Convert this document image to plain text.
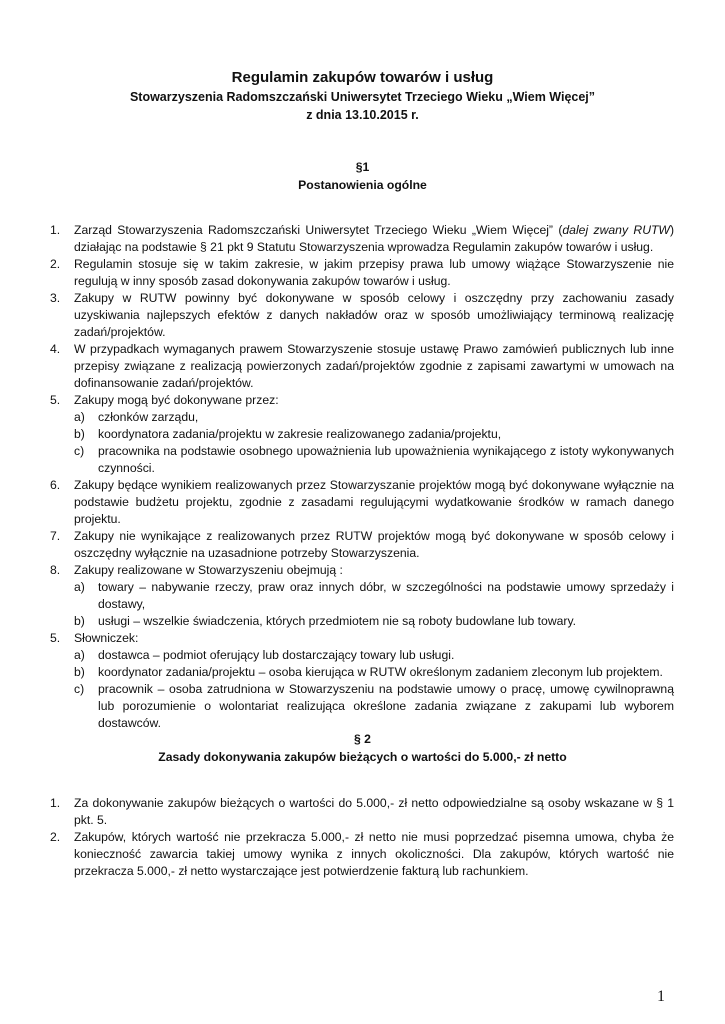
Regulamin zakupów towarów i usług
Stowarzyszenia Radomszczański Uniwersytet Trzeciego Wieku „Wiem Więcej”
z dnia 13.10.2015 r.
§1
Postanowienia ogólne
1. Zarząd Stowarzyszenia Radomszczański Uniwersytet Trzeciego Wieku „Wiem Więcej” (dalej zwany RUTW) działając na podstawie § 21 pkt 9 Statutu Stowarzyszenia wprowadza Regulamin zakupów towarów i usług.
2. Regulamin stosuje się w takim zakresie, w jakim przepisy prawa lub umowy wiążące Stowarzyszenie nie regulują w inny sposób zasad dokonywania zakupów towarów i usług.
3. Zakupy w RUTW powinny być dokonywane w sposób celowy i oszczędny przy zachowaniu zasady uzyskiwania najlepszych efektów z danych nakładów oraz w sposób umożliwiający terminową realizację zadań/projektów.
4. W przypadkach wymaganych prawem Stowarzyszenie stosuje ustawę Prawo zamówień publicznych lub inne przepisy związane z realizacją powierzonych zadań/projektów zgodnie z zapisami zawartymi w umowach na dofinansowanie zadań/projektów.
5. Zakupy mogą być dokonywane przez:
a) członków zarządu,
b) koordynatora zadania/projektu w zakresie realizowanego zadania/projektu,
c) pracownika na podstawie osobnego upoważnienia lub upoważnienia wynikającego z istoty wykonywanych czynności.
6. Zakupy będące wynikiem realizowanych przez Stowarzyszanie projektów mogą być dokonywane wyłącznie na podstawie budżetu projektu, zgodnie z zasadami regulującymi wydatkowanie środków w ramach danego projektu.
7. Zakupy nie wynikające z realizowanych przez RUTW projektów mogą być dokonywane w sposób celowy i oszczędny wyłącznie na uzasadnione potrzeby Stowarzyszenia.
8. Zakupy realizowane w Stowarzyszeniu obejmują :
a) towary – nabywanie rzeczy, praw oraz innych dóbr, w szczególności na podstawie umowy sprzedaży i dostawy,
b) usługi – wszelkie świadczenia, których przedmiotem nie są roboty budowlane lub towary.
5. Słowniczek:
a) dostawca – podmiot oferujący lub dostarczający towary lub usługi.
b) koordynator zadania/projektu – osoba kierująca w RUTW określonym zadaniem zleconym lub projektem.
c) pracownik – osoba zatrudniona w Stowarzyszeniu na podstawie umowy o pracę, umowę cywilnoprawną lub porozumienie o wolontariat realizująca określone zadania związane z zakupami lub wyborem dostawców.
§ 2
Zasady dokonywania zakupów bieżących o wartości do 5.000,- zł netto
1. Za dokonywanie zakupów bieżących o wartości do 5.000,- zł netto odpowiedzialne są osoby wskazane w § 1 pkt. 5.
2. Zakupów, których wartość nie przekracza 5.000,- zł netto nie musi poprzedzać pisemna umowa, chyba że konieczność zawarcia takiej umowy wynika z innych okoliczności. Dla zakupów, których wartość nie przekracza 5.000,- zł netto wystarczające jest potwierdzenie fakturą lub rachunkiem.
1
